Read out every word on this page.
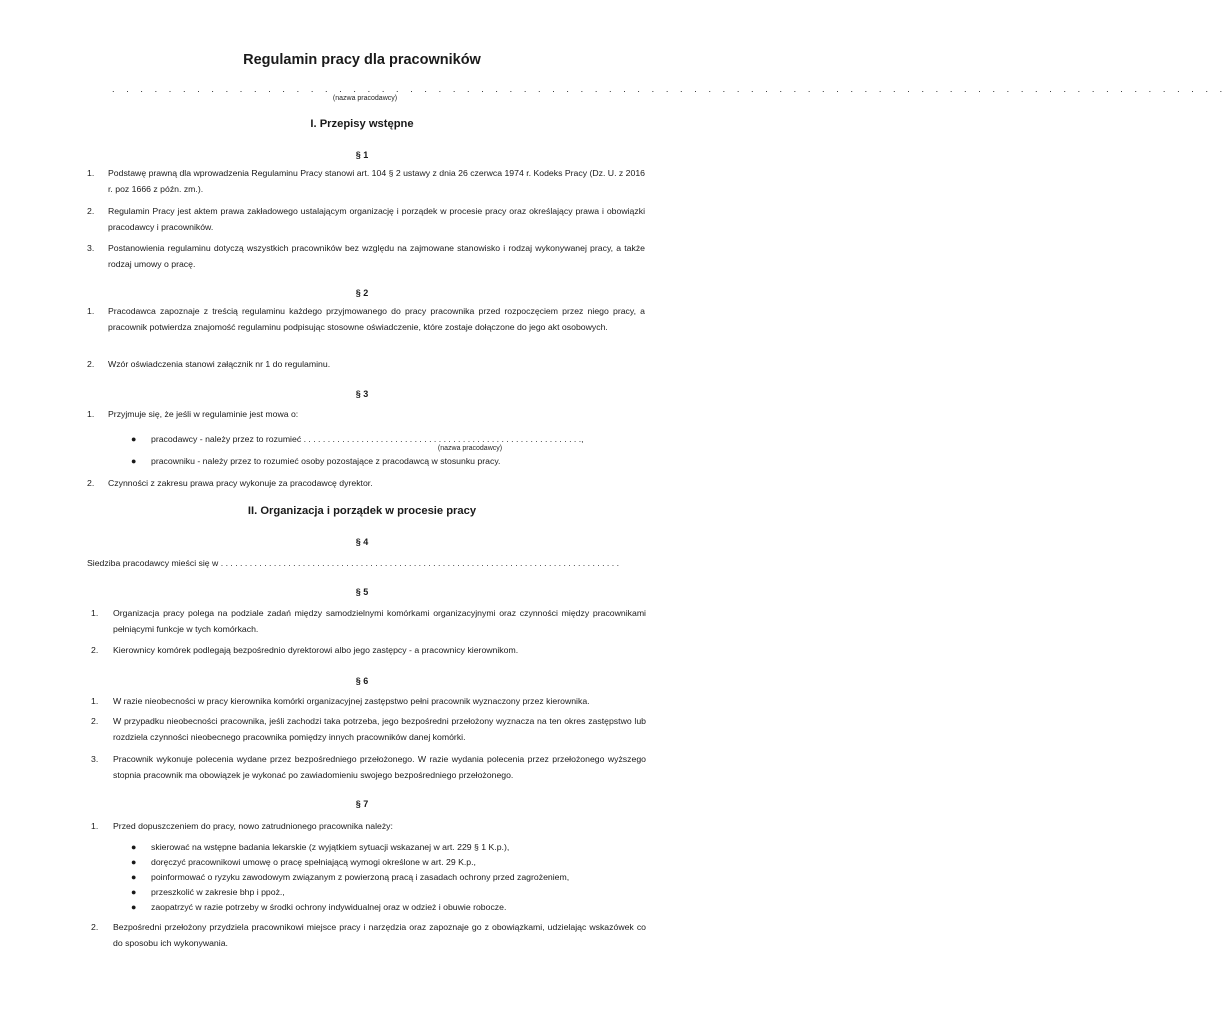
Regulamin pracy dla pracowników
. . . . . . . . . . . . . . . . . . . . . . . . . . . . . . . . . . . . . . . . . . . . . . . . . . . . . . . . . . . . . . . . . . . . . . . . . . . . . . .
(nazwa pracodawcy)
I. Przepisy wstępne
§ 1
1. Podstawę prawną dla wprowadzenia Regulaminu Pracy stanowi art. 104 § 2 ustawy z dnia 26 czerwca 1974 r. Kodeks Pracy (Dz. U. z 2016 r. poz 1666 z późn. zm.).
2. Regulamin Pracy jest aktem prawa zakładowego ustalającym organizację i porządek w procesie pracy oraz określający prawa i obowiązki pracodawcy i pracowników.
3. Postanowienia regulaminu dotyczą wszystkich pracowników bez względu na zajmowane stanowisko i rodzaj wykonywanej pracy, a także rodzaj umowy o pracę.
§ 2
1. Pracodawca zapoznaje z treścią regulaminu każdego przyjmowanego do pracy pracownika przed rozpoczęciem przez niego pracy, a pracownik potwierdza znajomość regulaminu podpisując stosowne oświadczenie, które zostaje dołączone do jego akt osobowych.
2. Wzór oświadczenia stanowi załącznik nr 1 do regulaminu.
§ 3
1. Przyjmuje się, że jeśli w regulaminie jest mowa o:
● pracodawcy - należy przez to rozumieć . . . . . . . . . . . . . . . . . . . . . . . . . . . . . . . . . . . . . . . . . . . . . . . . . . . . . . . . . .,
(nazwa pracodawcy)
● pracowniku - należy przez to rozumieć osoby pozostające z pracodawcą w stosunku pracy.
2. Czynności z zakresu prawa pracy wykonuje za pracodawcę dyrektor.
II. Organizacja i porządek w procesie pracy
§ 4
Siedziba pracodawcy mieści się w . . . . . . . . . . . . . . . . . . . . . . . . . . . . . . . . . . . . . . . . . . . . . . . . . . . . . . . . . . . . . . . . . . . . . . . . . . . . . . . . . . .
§ 5
1. Organizacja pracy polega na podziale zadań między samodzielnymi komórkami organizacyjnymi oraz czynności między pracownikami pełniącymi funkcje w tych komórkach.
2. Kierownicy komórek podlegają bezpośrednio dyrektorowi albo jego zastępcy - a pracownicy kierownikom.
§ 6
1. W razie nieobecności w pracy kierownika komórki organizacyjnej zastępstwo pełni pracownik wyznaczony przez kierownika.
2. W przypadku nieobecności pracownika, jeśli zachodzi taka potrzeba, jego bezpośredni przełożony wyznacza na ten okres zastępstwo lub rozdziela czynności nieobecnego pracownika pomiędzy innych pracowników danej komórki.
3. Pracownik wykonuje polecenia wydane przez bezpośredniego przełożonego. W razie wydania polecenia przez przełożonego wyższego stopnia pracownik ma obowiązek je wykonać po zawiadomieniu swojego bezpośredniego przełożonego.
§ 7
1. Przed dopuszczeniem do pracy, nowo zatrudnionego pracownika należy:
● skierować na wstępne badania lekarskie (z wyjątkiem sytuacji wskazanej w art. 229 § 1 K.p.),
● doręczyć pracownikowi umowę o pracę spełniającą wymogi określone w art. 29 K.p.,
● poinformować o ryzyku zawodowym związanym z powierzoną pracą i zasadach ochrony przed zagrożeniem,
● przeszkolić w zakresie bhp i ppoż.,
● zaopatrzyć w razie potrzeby w środki ochrony indywidualnej oraz w odzież i obuwie robocze.
2. Bezpośredni przełożony przydziela pracownikowi miejsce pracy i narzędzia oraz zapoznaje go z obowiązkami, udzielając wskazówek co do sposobu ich wykonywania.
